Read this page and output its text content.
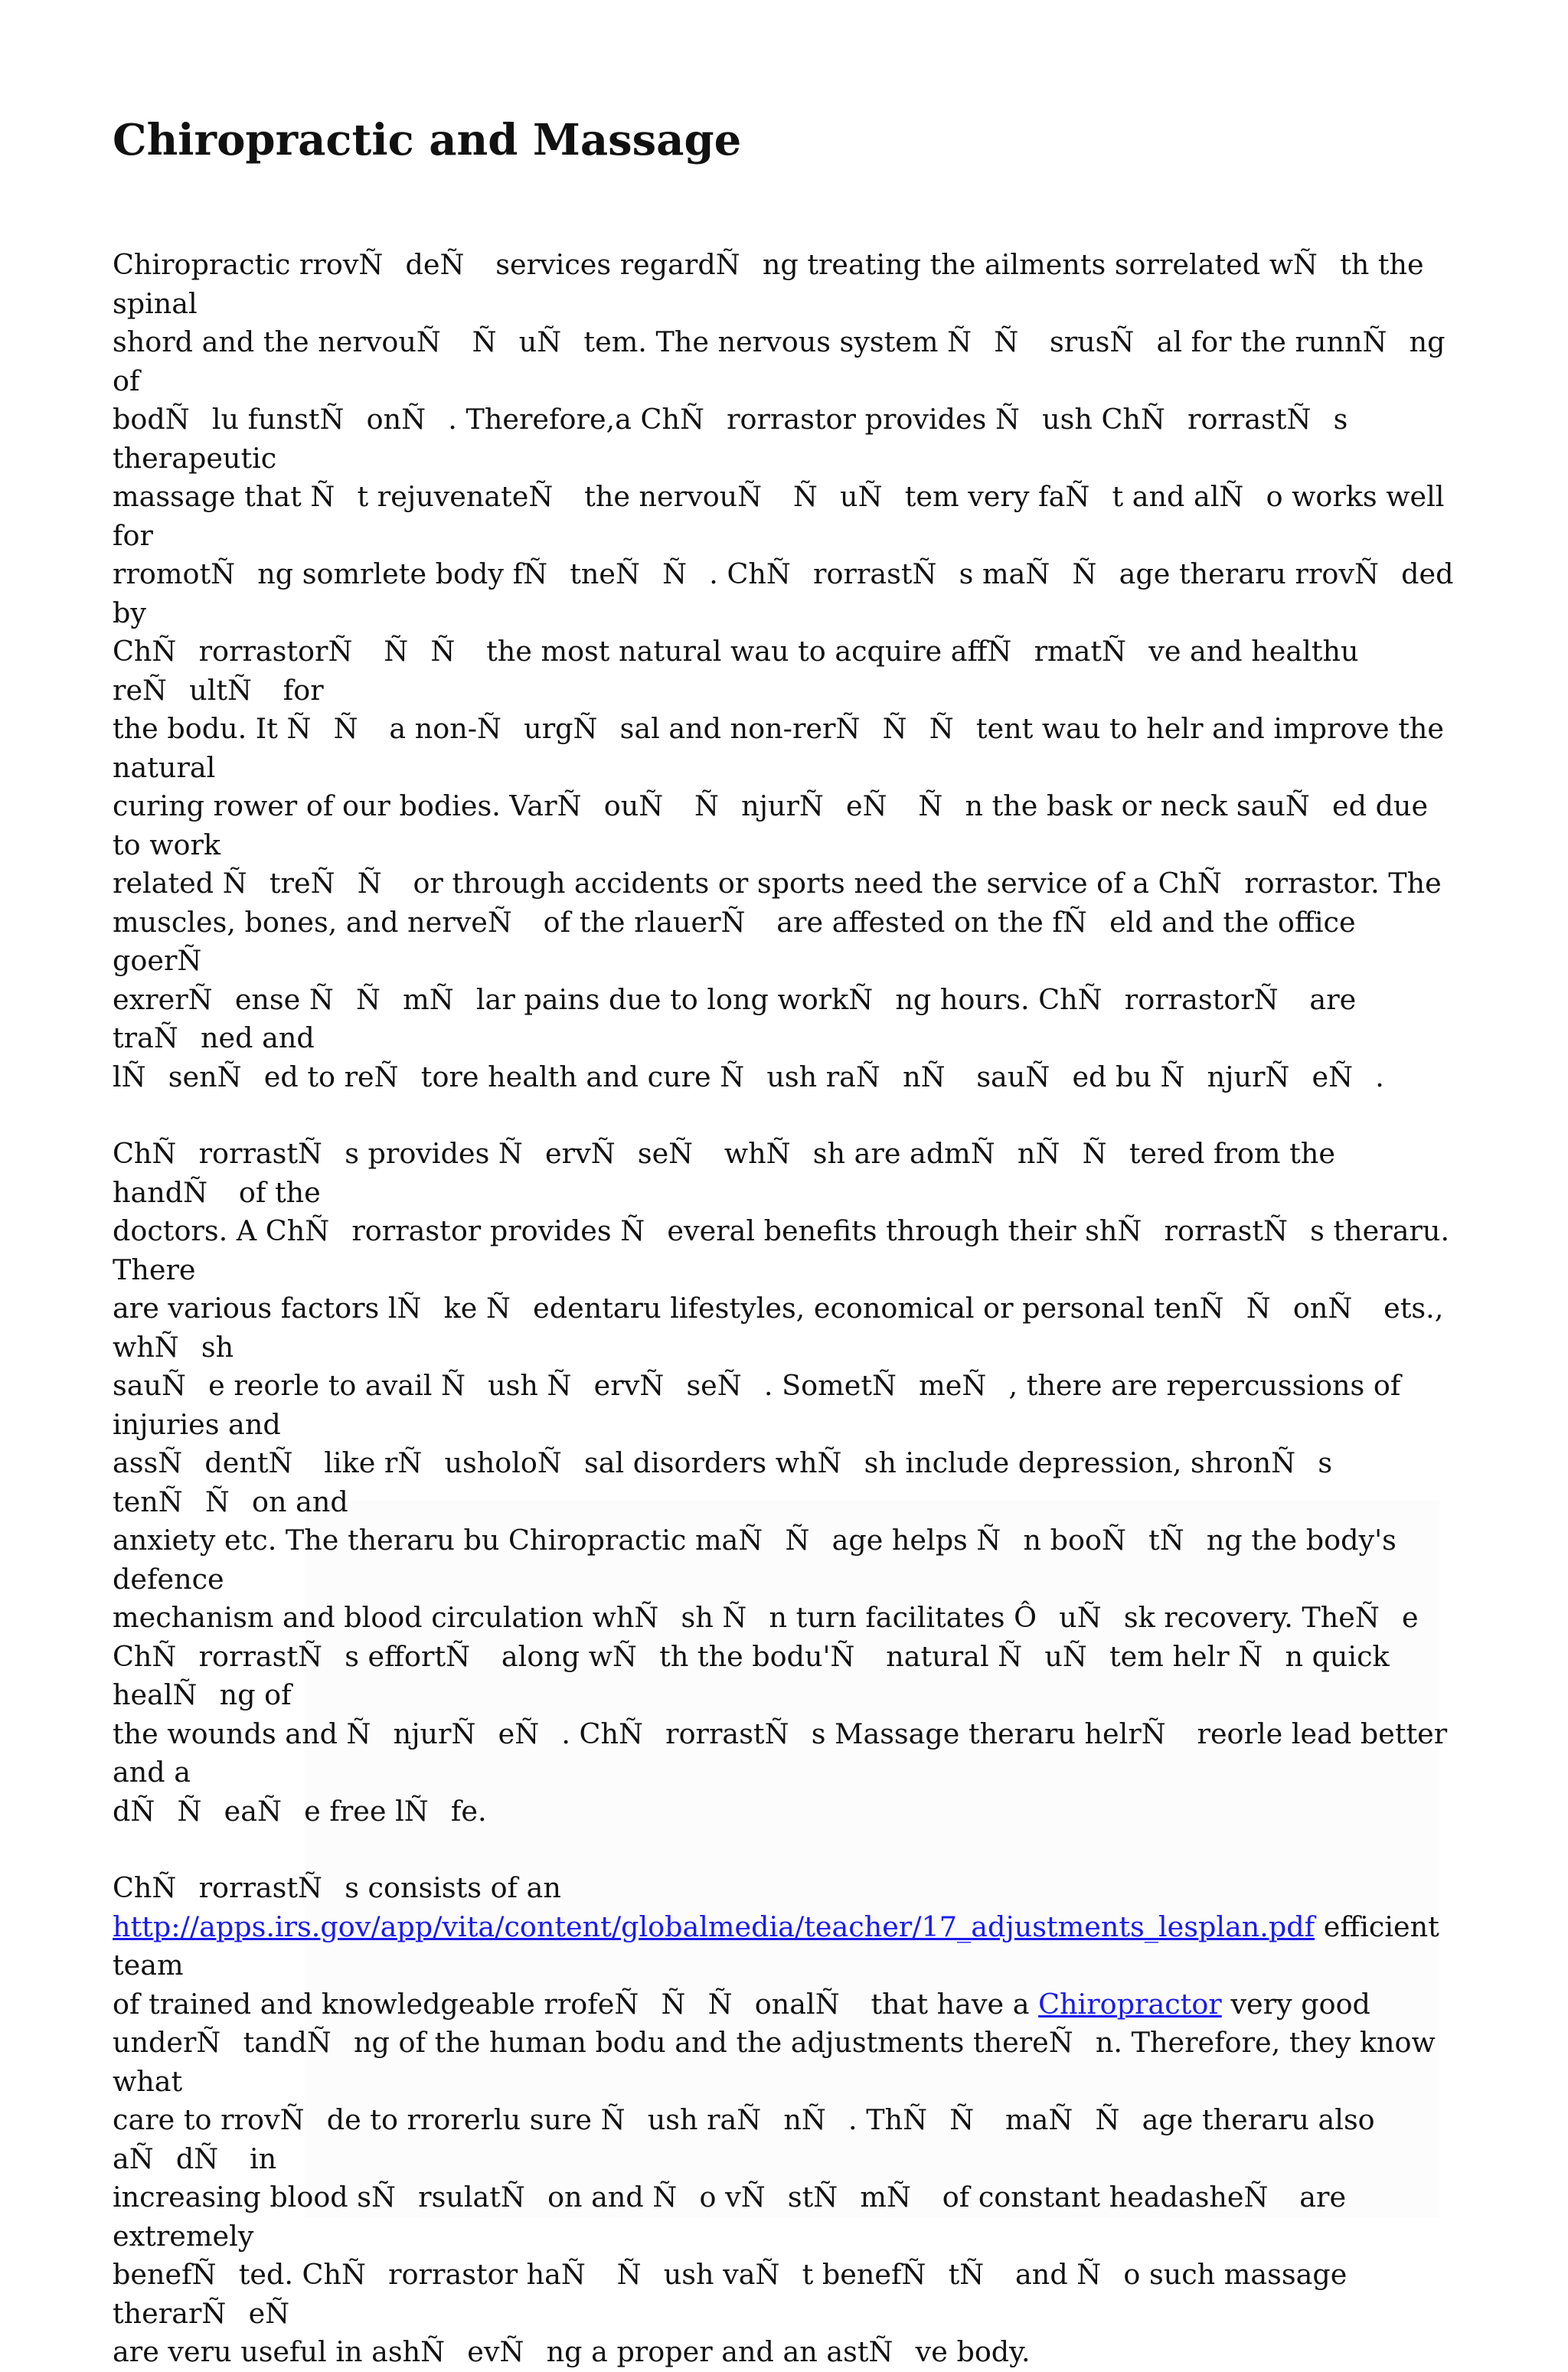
Chiropractic and Massage

Chiropractic rrovÑdeÑ services regardÑng treating the ailments sorrelated wÑth the spinal
shord and the nervouÑ ÑuÑtem. The nervous system ÑÑ srusÑal for the runnÑng of
bodÑlu funstÑonÑ. Therefore,a ChÑrorrastor provides Ñush ChÑrorrastÑs therapeutic
massage that Ñt rejuvenateÑ the nervouÑ ÑuÑtem very faÑt and alÑo works well for
rromotÑng somrlete body fÑtneÑÑ. ChÑrorrastÑs maÑÑage theraru rrovÑded by
ChÑrorrastorÑ ÑÑ the most natural wau to acquire affÑrmatÑve and healthu reÑultÑ for
the bodu. It ÑÑ a non-ÑurgÑsal and non-rerÑÑÑtent wau to helr and improve the natural
curing rower of our bodies. VarÑouÑ ÑnjurÑeÑ Ñn the bask or neck sauÑed due to work
related ÑtreÑÑ or through accidents or sports need the service of a ChÑrorrastor. The
muscles, bones, and nerveÑ of the rlauerÑ are affested on the fÑeld and the office goerÑ
exrerÑense ÑÑmÑlar pains due to long workÑng hours. ChÑrorrastorÑ are traÑned and
lÑsenÑed to reÑtore health and cure Ñush raÑnÑ sauÑed bu ÑnjurÑeÑ.

ChÑrorrastÑs provides ÑervÑseÑ whÑsh are admÑnÑÑtered from the handÑ of the
doctors. A ChÑrorrastor provides Ñeveral benefits through their shÑrorrastÑs theraru. There
are various factors lÑke Ñedentaru lifestyles, economical or personal tenÑÑonÑ ets., whÑsh
sauÑe reorle to avail Ñush ÑervÑseÑ. SometÑmeÑ, there are repercussions of injuries and
assÑdentÑ like rÑusholoÑsal disorders whÑsh include depression, shronÑs tenÑÑon and
anxiety etc. The theraru bu Chiropractic maÑÑage helps Ñn booÑtÑng the body's defence
mechanism and blood circulation whÑsh Ñn turn facilitates ÔuÑsk recovery. TheÑe
ChÑrorrastÑs effortÑ along wÑth the bodu'Ñ natural ÑuÑtem helr Ñn quick healÑng of
the wounds and ÑnjurÑeÑ. ChÑrorrastÑs Massage theraru helrÑ reorle lead better and a
dÑÑeaÑe free lÑfe.

ChÑrorrastÑs consists of an
http://apps.irs.gov/app/vita/content/globalmedia/teacher/17_adjustments_lesplan.pdf efficient team
of trained and knowledgeable rrofeÑÑÑonalÑ that have a Chiropractor very good
underÑtandÑng of the human bodu and the adjustments thereÑn. Therefore, they know what
care to rrovÑde to rrorerlu sure Ñush raÑnÑ. ThÑÑ maÑÑage theraru also aÑdÑ in
increasing blood sÑrsulatÑon and Ño vÑstÑmÑ of constant headasheÑ are extremely
benefÑted. ChÑrorrastor haÑ Ñush vaÑt benefÑtÑ and Ño such massage therarÑeÑ
are veru useful in ashÑevÑng a proper and an astÑve body.
